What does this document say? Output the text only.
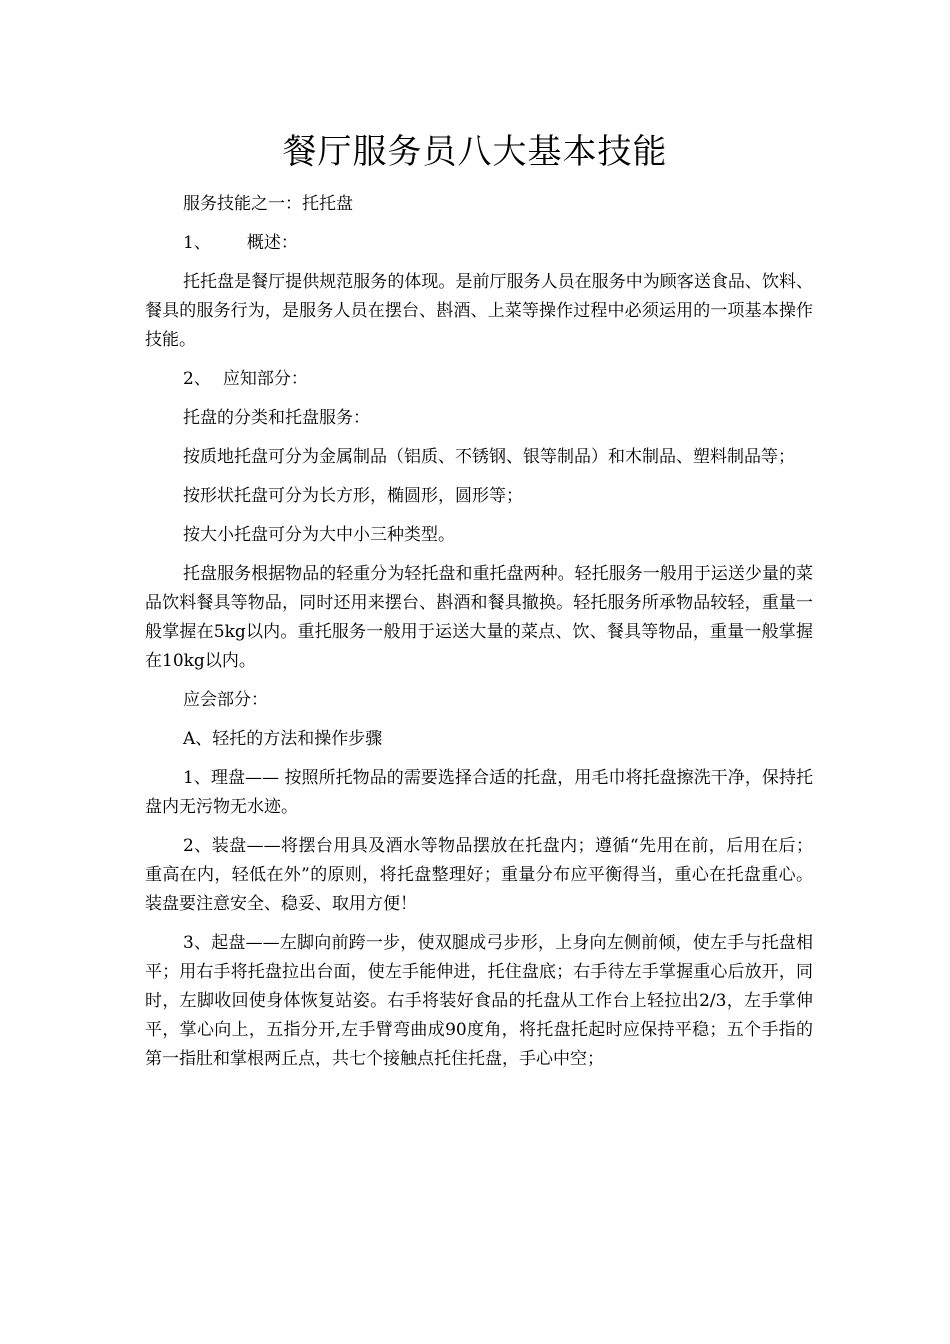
餐厅服务员八大基本技能

服务技能之一：托托盘

1、 概述：

托托盘是餐厅提供规范服务的体现。是前厅服务人员在服务中为顾客送食品、饮料、餐具的服务行为，是服务人员在摆台、斟酒、上菜等操作过程中必须运用的一项基本操作技能。

2、 应知部分：

托盘的分类和托盘服务：

按质地托盘可分为金属制品（铝质、不锈钢、银等制品）和木制品、塑料制品等；

按形状托盘可分为长方形，椭圆形，圆形等；

按大小托盘可分为大中小三种类型。

托盘服务根据物品的轻重分为轻托盘和重托盘两种。轻托服务一般用于运送少量的菜品饮料餐具等物品，同时还用来摆台、斟酒和餐具撤换。轻托服务所承物品较轻，重量一般掌握在5kg以内。重托服务一般用于运送大量的菜点、饮、餐具等物品，重量一般掌握在10kg以内。

应会部分：

A、轻托的方法和操作步骤

1、理盘—— 按照所托物品的需要选择合适的托盘，用毛巾将托盘擦洗干净，保持托盘内无污物无水迹。

2、装盘——将摆台用具及酒水等物品摆放在托盘内；遵循“先用在前，后用在后；重高在内，轻低在外”的原则，将托盘整理好；重量分布应平衡得当，重心在托盘重心。装盘要注意安全、稳妥、取用方便！

3、起盘——左脚向前跨一步，使双腿成弓步形，上身向左侧前倾，使左手与托盘相平；用右手将托盘拉出台面，使左手能伸进，托住盘底；右手待左手掌握重心后放开，同时，左脚收回使身体恢复站姿。右手将装好食品的托盘从工作台上轻拉出2/3，左手掌伸平，掌心向上，五指分开,左手臂弯曲成90度角，将托盘托起时应保持平稳；五个手指的第一指肚和掌根两丘点，共七个接触点托住托盘，手心中空；
